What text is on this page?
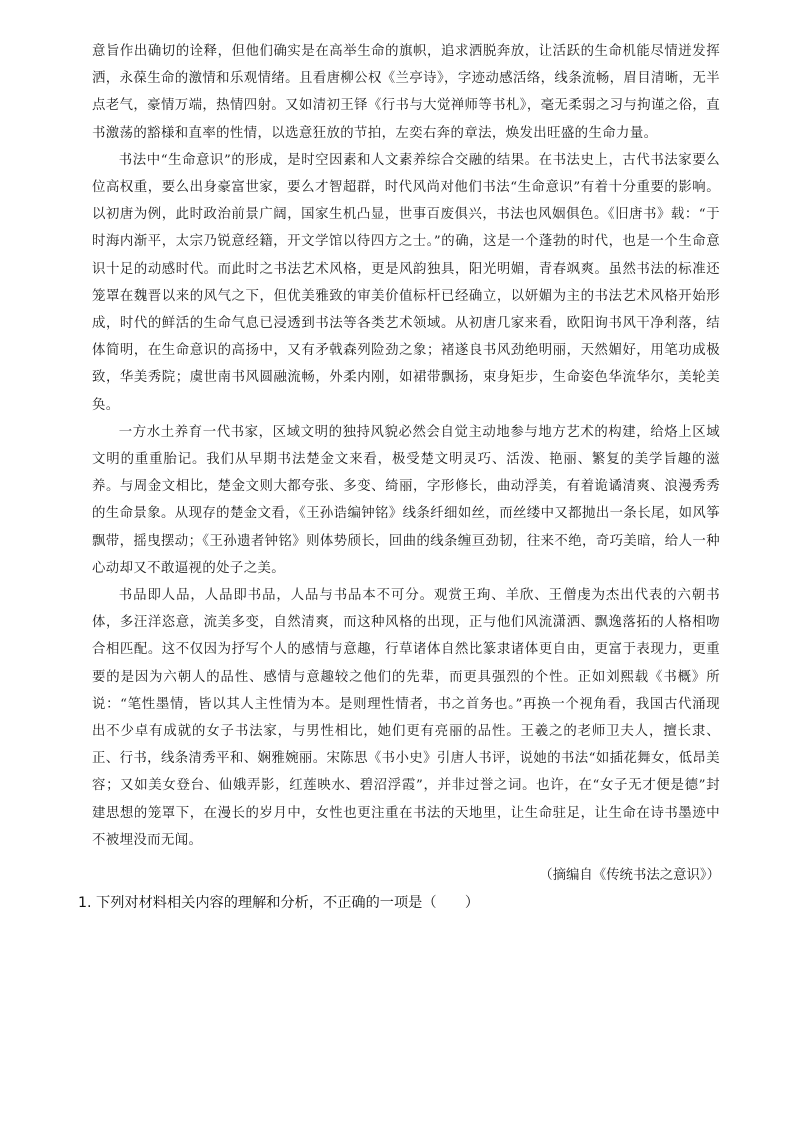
意旨作出确切的诠释，但他们确实是在高举生命的旗帜，追求洒脱奔放，让活跃的生命机能尽情迸发挥洒，永葆生命的激情和乐观情绪。且看唐柳公权《兰亭诗》，字迹动感活络，线条流畅，眉目清晰，无半点老气，豪情万端，热情四射。又如清初王铎《行书与大觉禅师等书札》，毫无柔弱之习与拘谨之俗，直书激荡的豁様和直率的性情，以选意狂放的节拍，左奕右奔的章法，焕发出旺盛的生命力量。

书法中“生命意识”的形成，是时空因素和人文素养综合交融的结果。在书法史上，古代书法家要么位高权重，要么出身豪富世家，要么才智超群，时代风尚对他们书法“生命意识”有着十分重要的影响。以初唐为例，此时政治前景广阔，国家生机凸显，世事百废俱兴，书法也风姻俱色。《旧唐书》载：“于时海内渐平，太宗乃锐意经籍，开文学馆以待四方之士。”的确，这是一个蓬勃的时代，也是一个生命意识十足的动感时代。而此时之书法艺术风格，更是风韵独具，阳光明媚，青春飒爽。虽然书法的标准还笼罩在魏晋以来的风气之下，但优美雅致的审美价值标杆已经确立，以妍媚为主的书法艺术风格开始形成，时代的鲜活的生命气息已浸透到书法等各类艺术领域。从初唐几家来看，欧阳询书风干净利落，结体简明，在生命意识的高扬中，又有矛戟森列险劲之象；褚遂良书风劲绝明丽，天然媚好，用笔功成极致，华美秀院；虞世南书风圆融流畅，外柔内刚，如裙带飘扬，束身矩步，生命姿色华流华尔，美轮美奂。

一方水土养育一代书家，区域文明的独持风貌必然会自觉主动地参与地方艺术的构建，给烙上区域文明的重重胎记。我们从早期书法楚金文来看，极受楚文明灵巧、活泼、艳丽、繁复的美学旨趣的滋养。与周金文相比，楚金文则大都夸张、多变、绮丽，字形修长，曲动浮美，有着诡谲清爽、浪漫秀秀的生命景象。从现存的楚金文看，《王孙诰编钟铭》线条纤细如丝，而丝缕中又都抛出一条长尾，如风筝飘带，摇曳摆动；《王孙遗者钟铭》则体势颀长，回曲的线条缠亘劲韧，往来不绝，奇巧美暗，给人一种心动却又不敢逼视的处子之美。

书品即人品，人品即书品，人品与书品本不可分。观赏王珣、羊欣、王僧虔为杰出代表的六朝书体，多汪洋恣意，流美多变，自然清爽，而这种风格的出现，正与他们风流潇洒、飘逸落拓的人格相吻合相匹配。这不仅因为抒写个人的感情与意趣，行草诸体自然比篆隶诸体更自由，更富于表现力，更重要的是因为六朝人的品性、感情与意趣较之他们的先辈，而更具强烈的个性。正如刘熙载《书概》所说：“笔性墨情，皆以其人主性情为本。是则理性情者，书之首务也。”再换一个视角看，我国古代涌现出不少卓有成就的女子书法家，与男性相比，她们更有亮丽的品性。王羲之的老师卫夫人，擅长隶、正、行书，线条清秀平和、娴雅婉丽。宋陈思《书小史》引唐人书评，说她的书法“如插花舞女，低昂美容；又如美女登台、仙娥弄影，红莲映水、碧沼浮霞”，并非过誉之词。也许，在“女子无才便是德”封建思想的笼罩下，在漫长的岁月中，女性也更注重在书法的天地里，让生命驻足，让生命在诗书墨迹中不被埋没而无闻。

（摘编自《传统书法之意识》）

1. 下列对材料相关内容的理解和分析，不正确的一项是（　　）
